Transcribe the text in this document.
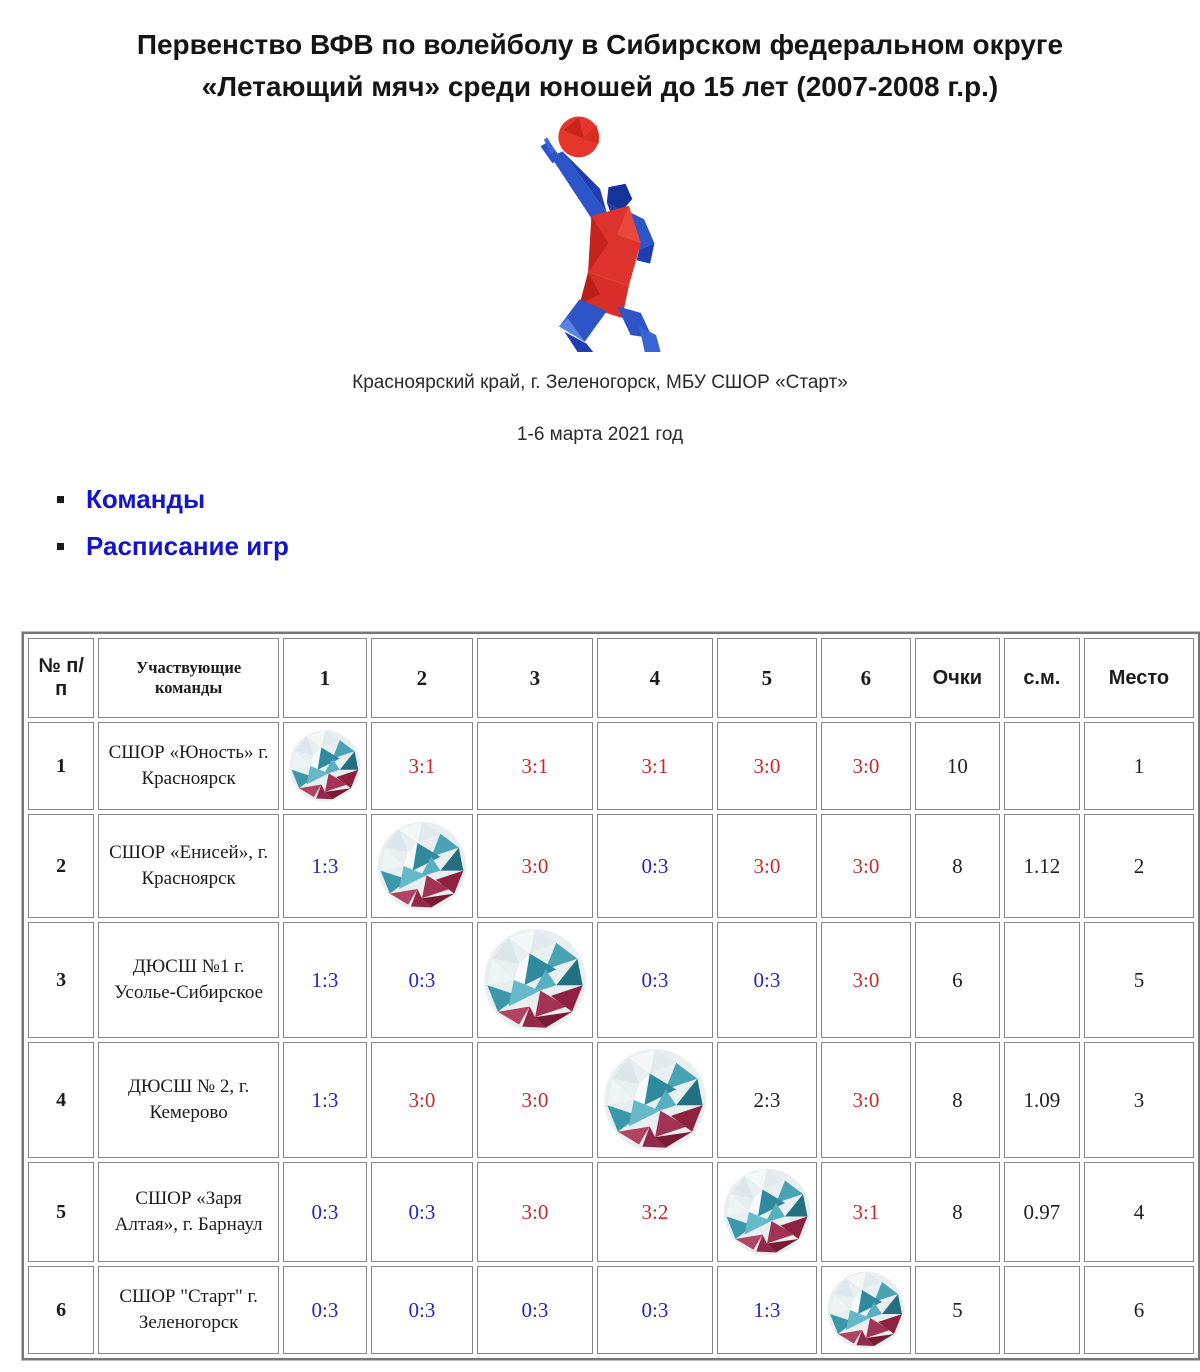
Первенство ВФВ по волейболу в Сибирском федеральном округе
«Летающий мяч» среди юношей до 15 лет (2007-2008 г.р.)
Красноярский край, г. Зеленогорск, МБУ СШОР «Старт»
1-6 марта 2021 год
Команды
Расписание игр
№ п/п	Участвующие команды	1	2	3	4	5	6	Очки	с.м.	Место
1	СШОР «Юность» г. Красноярск		3:1	3:1	3:1	3:0	3:0	10		1
2	СШОР «Енисей», г. Красноярск	1:3		3:0	0:3	3:0	3:0	8	1.12	2
3	ДЮСШ №1 г. Усолье-Сибирское	1:3	0:3		0:3	0:3	3:0	6		5
4	ДЮСШ № 2, г. Кемерово	1:3	3:0	3:0		2:3	3:0	8	1.09	3
5	СШОР «Заря Алтая», г. Барнаул	0:3	0:3	3:0	3:2		3:1	8	0.97	4
6	СШОР "Старт" г. Зеленогорск	0:3	0:3	0:3	0:3	1:3		5		6
